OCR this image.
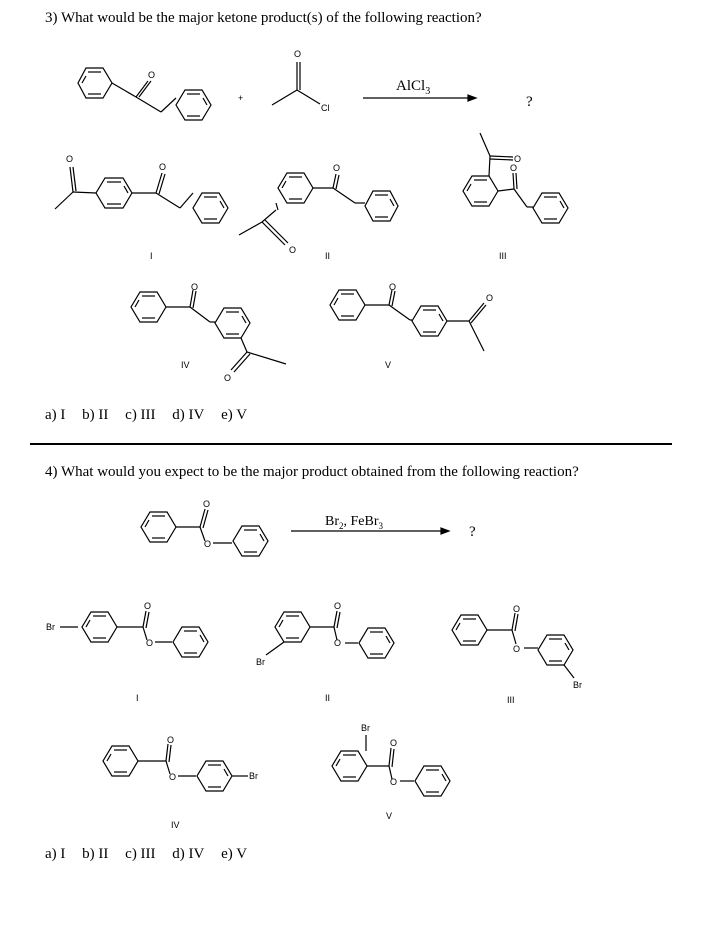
3) What would be the major ketone product(s) of the following reaction?
O
+
O
Cl
AlCl$_3$
?
O
O
I
O
O
II
O
O
III
O
O
IV
O
O
V
O
O
$Br_2$, FeBr$_3$	?
Br
O
O
I
Br
O
O
II
O
O
Br
III
O
O	Br
IV
Br
O
O
V
a) I b) II c) III d) IV e) V
4) What would you expect to be the major product obtained from the following reaction?
a) I b) II c) III d) IV e) V
